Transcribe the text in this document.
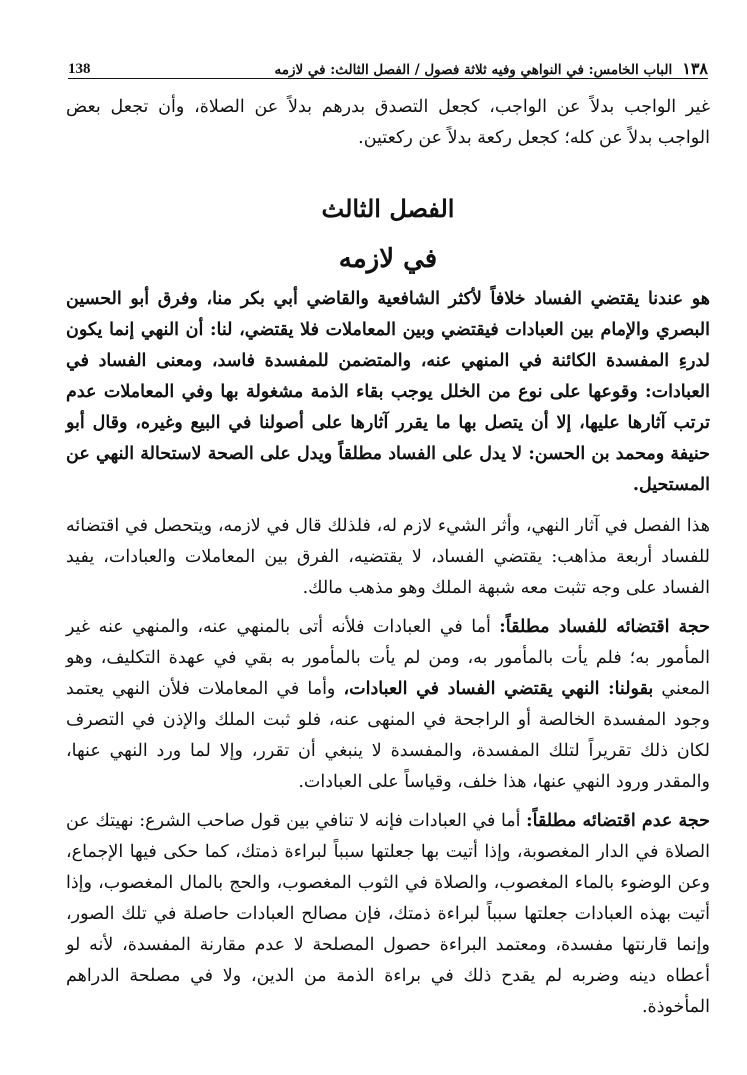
138	١٣٨
الباب الخامس: في النواهي وفيه ثلاثة فصول / الفصل الثالث: في لازمه

غير الواجب بدلاً عن الواجب، كجعل التصدق بدرهم بدلاً عن الصلاة، وأن تجعل بعض الواجب بدلاً عن كله؛ كجعل ركعة بدلاً عن ركعتين.

الفصل الثالث
في لازمه

هو عندنا يقتضي الفساد خلافاً لأكثر الشافعية والقاضي أبي بكر منا، وفرق أبو الحسين البصري والإمام بين العبادات فيقتضي وبين المعاملات فلا يقتضي، لنا: أن النهي إنما يكون لدرءِ المفسدة الكائنة في المنهي عنه، والمتضمن للمفسدة فاسد، ومعنى الفساد في العبادات: وقوعها على نوع من الخلل يوجب بقاء الذمة مشغولة بها وفي المعاملات عدم ترتب آثارها عليها، إلا أن يتصل بها ما يقرر آثارها على أصولنا في البيع وغيره، وقال أبو حنيفة ومحمد بن الحسن: لا يدل على الفساد مطلقاً ويدل على الصحة لاستحالة النهي عن المستحيل.

هذا الفصل في آثار النهي، وأثر الشيء لازم له، فلذلك قال في لازمه، ويتحصل في اقتضائه للفساد أربعة مذاهب: يقتضي الفساد، لا يقتضيه، الفرق بين المعاملات والعبادات، يفيد الفساد على وجه تثبت معه شبهة الملك وهو مذهب مالك.

حجة اقتضائه للفساد مطلقاً: أما في العبادات فلأنه أتى بالمنهي عنه، والمنهي عنه غير المأمور به؛ فلم يأت بالمأمور به، ومن لم يأت بالمأمور به بقي في عهدة التكليف، وهو المعني بقولنا: النهي يقتضي الفساد في العبادات، وأما في المعاملات فلأن النهي يعتمد وجود المفسدة الخالصة أو الراجحة في المنهى عنه، فلو ثبت الملك والإذن في التصرف لكان ذلك تقريراً لتلك المفسدة، والمفسدة لا ينبغي أن تقرر، وإلا لما ورد النهي عنها، والمقدر ورود النهي عنها، هذا خلف، وقياساً على العبادات.

حجة عدم اقتضائه مطلقاً: أما في العبادات فإنه لا تنافي بين قول صاحب الشرع: نهيتك عن الصلاة في الدار المغصوبة، وإذا أتيت بها جعلتها سبباً لبراءة ذمتك، كما حكى فيها الإجماع، وعن الوضوء بالماء المغصوب، والصلاة في الثوب المغصوب، والحج بالمال المغصوب، وإذا أتيت بهذه العبادات جعلتها سبباً لبراءة ذمتك، فإن مصالح العبادات حاصلة في تلك الصور، وإنما قارنتها مفسدة، ومعتمد البراءة حصول المصلحة لا عدم مقارنة المفسدة، لأنه لو أعطاه دينه وضربه لم يقدح ذلك في براءة الذمة من الدين، ولا في مصلحة الدراهم المأخوذة.
